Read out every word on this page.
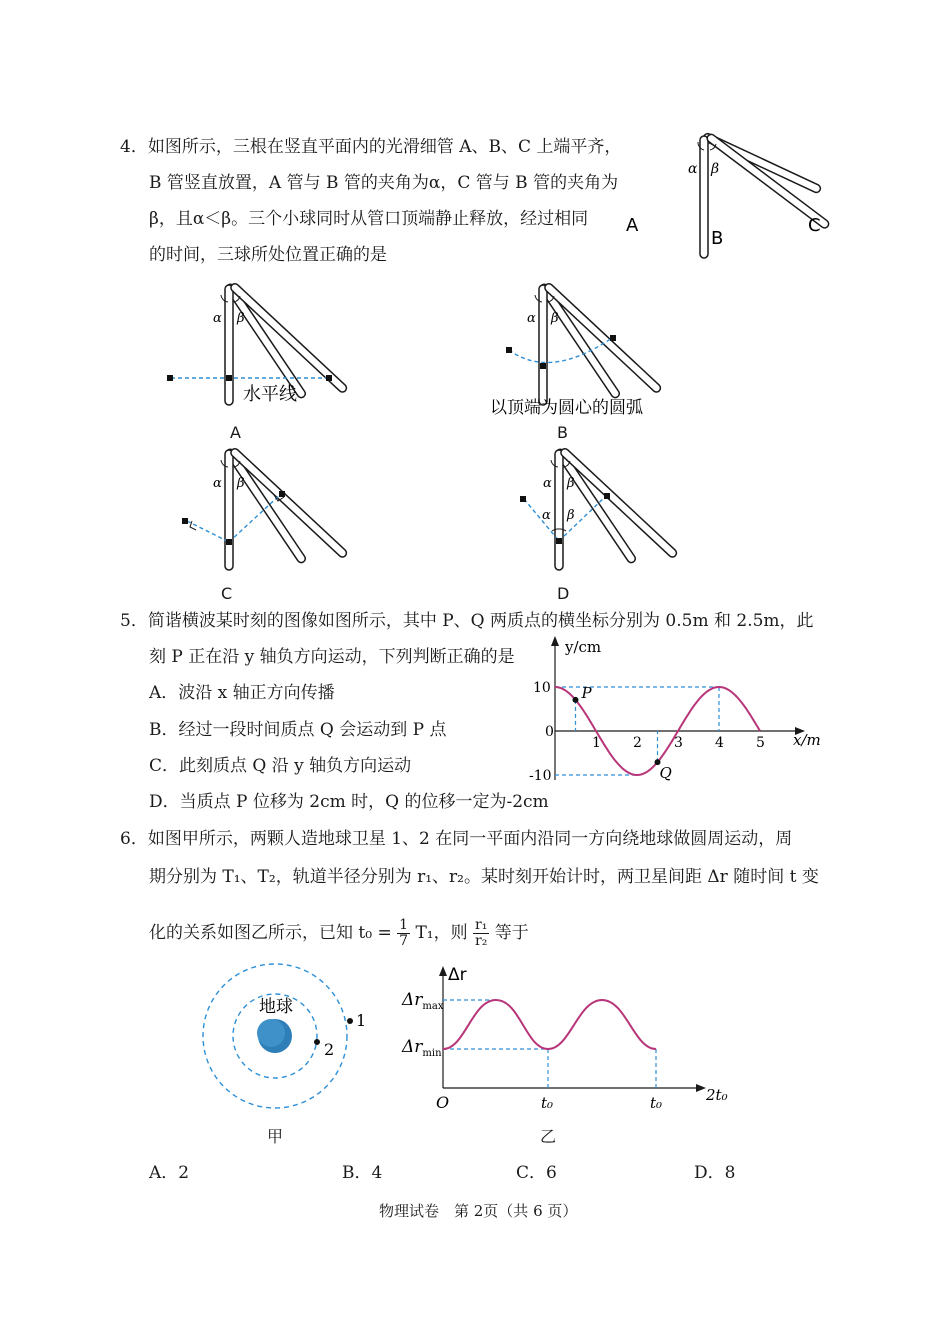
4．如图所示，三根在竖直平面内的光滑细管 A、B、C 上端平齐，
B 管竖直放置，A 管与 B 管的夹角为α，C 管与 B 管的夹角为
β，且α＜β。三个小球同时从管口顶端静止释放，经过相同
的时间，三球所处位置正确的是
α β
A
B
C
α β
水平线
A
α β
以顶端为圆心的圆弧
B
α β
C
α β
α β
D
5．简谐横波某时刻的图像如图所示，其中 P、Q 两质点的横坐标分别为 0.5m 和 2.5m，此
刻 P 正在沿 y 轴负方向运动，下列判断正确的是
A．波沿 x 轴正方向传播
B．经过一段时间质点 Q 会运动到 P 点
C．此刻质点 Q 沿 y 轴负方向运动
D．当质点 P 位移为 2cm 时，Q 的位移一定为-2cm
y/cm
x/m
0
10
-10
1 2 3 4 5
P
Q
6．如图甲所示，两颗人造地球卫星 1、2 在同一平面内沿同一方向绕地球做圆周运动，周
期分别为 T₁、T₂，轨道半径分别为 r₁、r₂。某时刻开始计时，两卫星间距 Δr 随时间 t 变
化的关系如图乙所示，已知 $t_0 = \frac{1}{7} T_1$，则 $\frac{\text{r₁}}{\text{r₂}}$ 等于
地球
1
2
甲
Δr
$\Delta r_{max}$
$\Delta r_{min}$
O	t₀	t₀	2t₀
乙
A．2	B．4	C．6	D．8
物理试卷　第 2页（共 6 页）
